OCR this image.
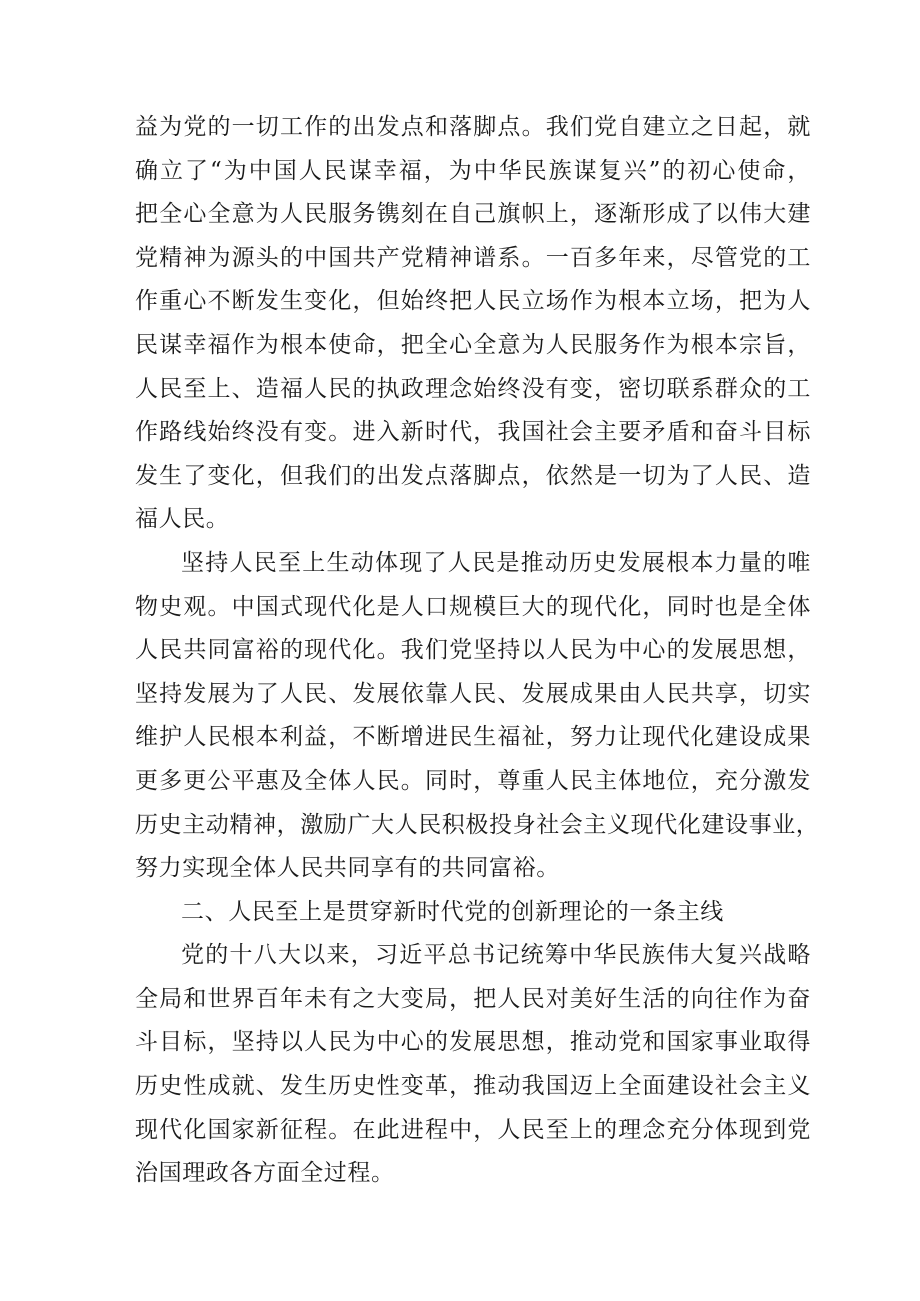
益为党的一切工作的出发点和落脚点。我们党自建立之日起，就
确立了“为中国人民谋幸福，为中华民族谋复兴”的初心使命，
把全心全意为人民服务镌刻在自己旗帜上，逐渐形成了以伟大建
党精神为源头的中国共产党精神谱系。一百多年来，尽管党的工
作重心不断发生变化，但始终把人民立场作为根本立场，把为人
民谋幸福作为根本使命，把全心全意为人民服务作为根本宗旨，
人民至上、造福人民的执政理念始终没有变，密切联系群众的工
作路线始终没有变。进入新时代，我国社会主要矛盾和奋斗目标
发生了变化，但我们的出发点落脚点，依然是一切为了人民、造
福人民。
坚持人民至上生动体现了人民是推动历史发展根本力量的唯
物史观。中国式现代化是人口规模巨大的现代化，同时也是全体
人民共同富裕的现代化。我们党坚持以人民为中心的发展思想，
坚持发展为了人民、发展依靠人民、发展成果由人民共享，切实
维护人民根本利益，不断增进民生福祉，努力让现代化建设成果
更多更公平惠及全体人民。同时，尊重人民主体地位，充分激发
历史主动精神，激励广大人民积极投身社会主义现代化建设事业，
努力实现全体人民共同享有的共同富裕。
二、人民至上是贯穿新时代党的创新理论的一条主线
党的十八大以来，习近平总书记统筹中华民族伟大复兴战略
全局和世界百年未有之大变局，把人民对美好生活的向往作为奋
斗目标，坚持以人民为中心的发展思想，推动党和国家事业取得
历史性成就、发生历史性变革，推动我国迈上全面建设社会主义
现代化国家新征程。在此进程中，人民至上的理念充分体现到党
治国理政各方面全过程。
